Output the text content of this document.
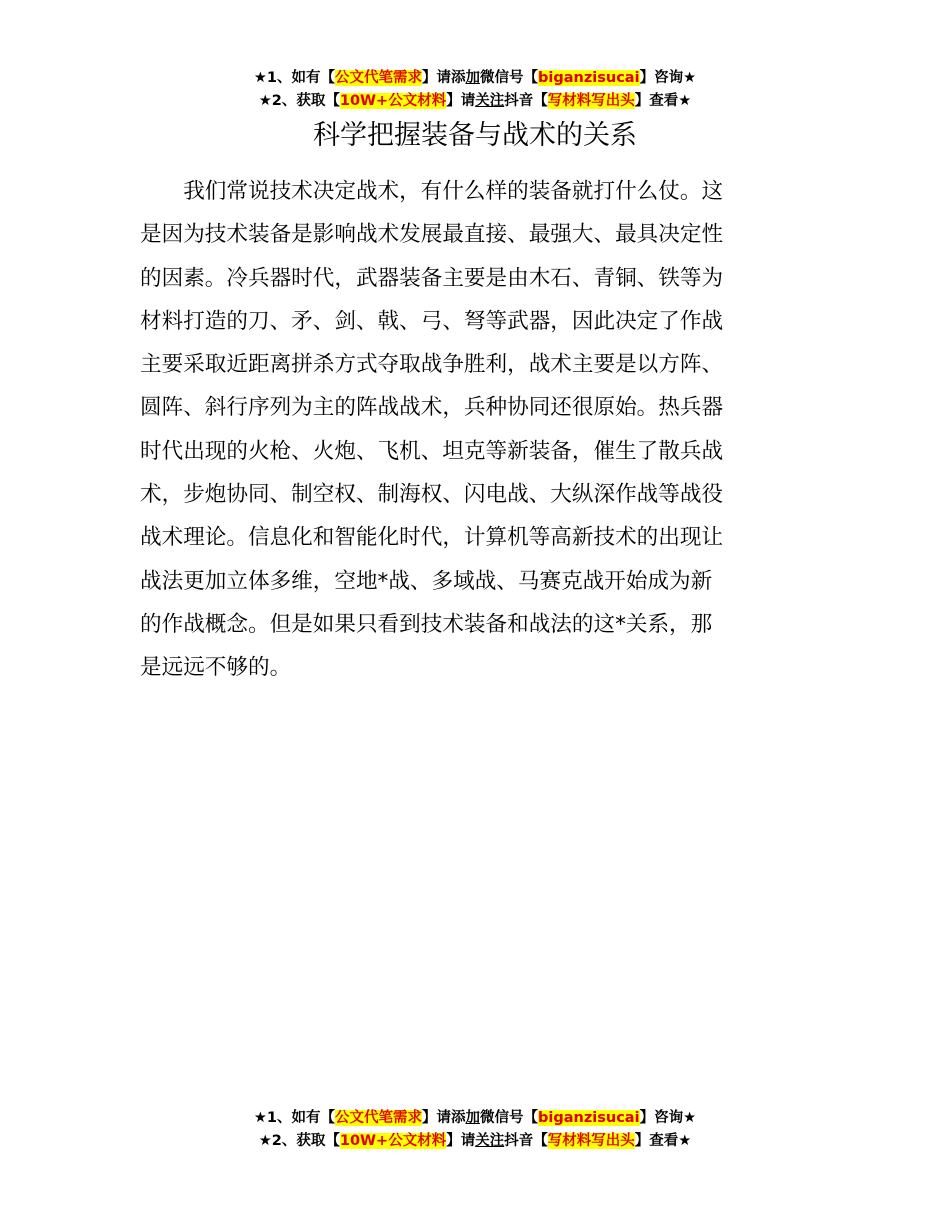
★1、如有【公文代笔需求】请添加微信号【biganzisucai】咨询★
★2、获取【10W+公文材料】请关注抖音【写材料写出头】查看★
科学把握装备与战术的关系
　　我们常说技术决定战术，有什么样的装备就打什么仗。这
是因为技术装备是影响战术发展最直接、最强大、最具决定性
的因素。冷兵器时代，武器装备主要是由木石、青铜、铁等为
材料打造的刀、矛、剑、戟、弓、弩等武器，因此决定了作战
主要采取近距离拼杀方式夺取战争胜利，战术主要是以方阵、
圆阵、斜行序列为主的阵战战术，兵种协同还很原始。热兵器
时代出现的火枪、火炮、飞机、坦克等新装备，催生了散兵战
术，步炮协同、制空权、制海权、闪电战、大纵深作战等战役
战术理论。信息化和智能化时代，计算机等高新技术的出现让
战法更加立体多维，空地*战、多域战、马赛克战开始成为新
的作战概念。但是如果只看到技术装备和战法的这*关系，那
是远远不够的。
★1、如有【公文代笔需求】请添加微信号【biganzisucai】咨询★
★2、获取【10W+公文材料】请关注抖音【写材料写出头】查看★
